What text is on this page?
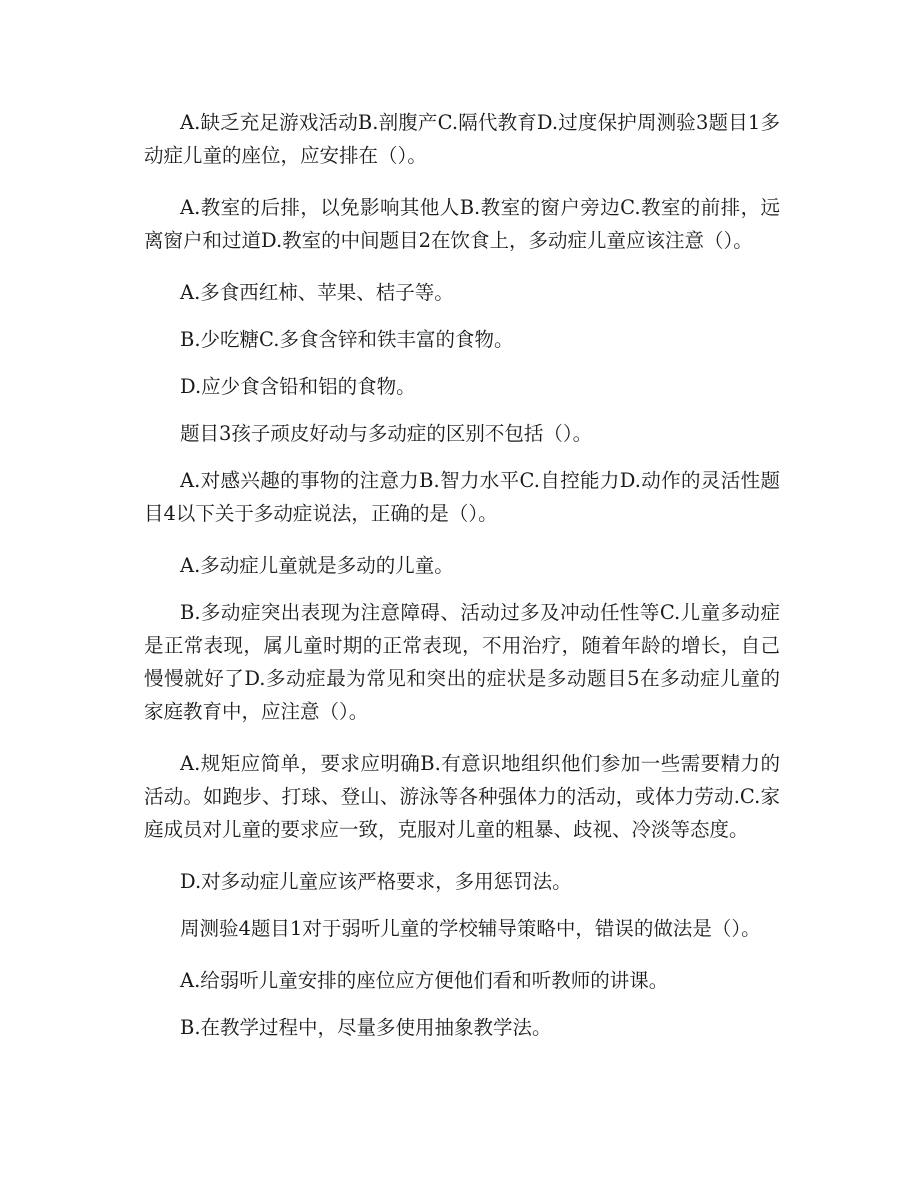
A.缺乏充足游戏活动B.剖腹产C.隔代教育D.过度保护周测验3题目1多动症儿童的座位，应安排在（）。

A.教室的后排，以免影响其他人B.教室的窗户旁边C.教室的前排，远离窗户和过道D.教室的中间题目2在饮食上，多动症儿童应该注意（）。

A.多食西红柿、苹果、桔子等。

B.少吃糖C.多食含锌和铁丰富的食物。

D.应少食含铅和铝的食物。

题目3孩子顽皮好动与多动症的区别不包括（）。

A.对感兴趣的事物的注意力B.智力水平C.自控能力D.动作的灵活性题目4以下关于多动症说法，正确的是（）。

A.多动症儿童就是多动的儿童。

B.多动症突出表现为注意障碍、活动过多及冲动任性等C.儿童多动症是正常表现，属儿童时期的正常表现，不用治疗，随着年龄的增长，自己慢慢就好了D.多动症最为常见和突出的症状是多动题目5在多动症儿童的家庭教育中，应注意（）。

A.规矩应简单，要求应明确B.有意识地组织他们参加一些需要精力的活动。如跑步、打球、登山、游泳等各种强体力的活动，或体力劳动.C.家庭成员对儿童的要求应一致，克服对儿童的粗暴、歧视、冷淡等态度。

D.对多动症儿童应该严格要求，多用惩罚法。

周测验4题目1对于弱听儿童的学校辅导策略中，错误的做法是（）。

A.给弱听儿童安排的座位应方便他们看和听教师的讲课。

B.在教学过程中，尽量多使用抽象教学法。
